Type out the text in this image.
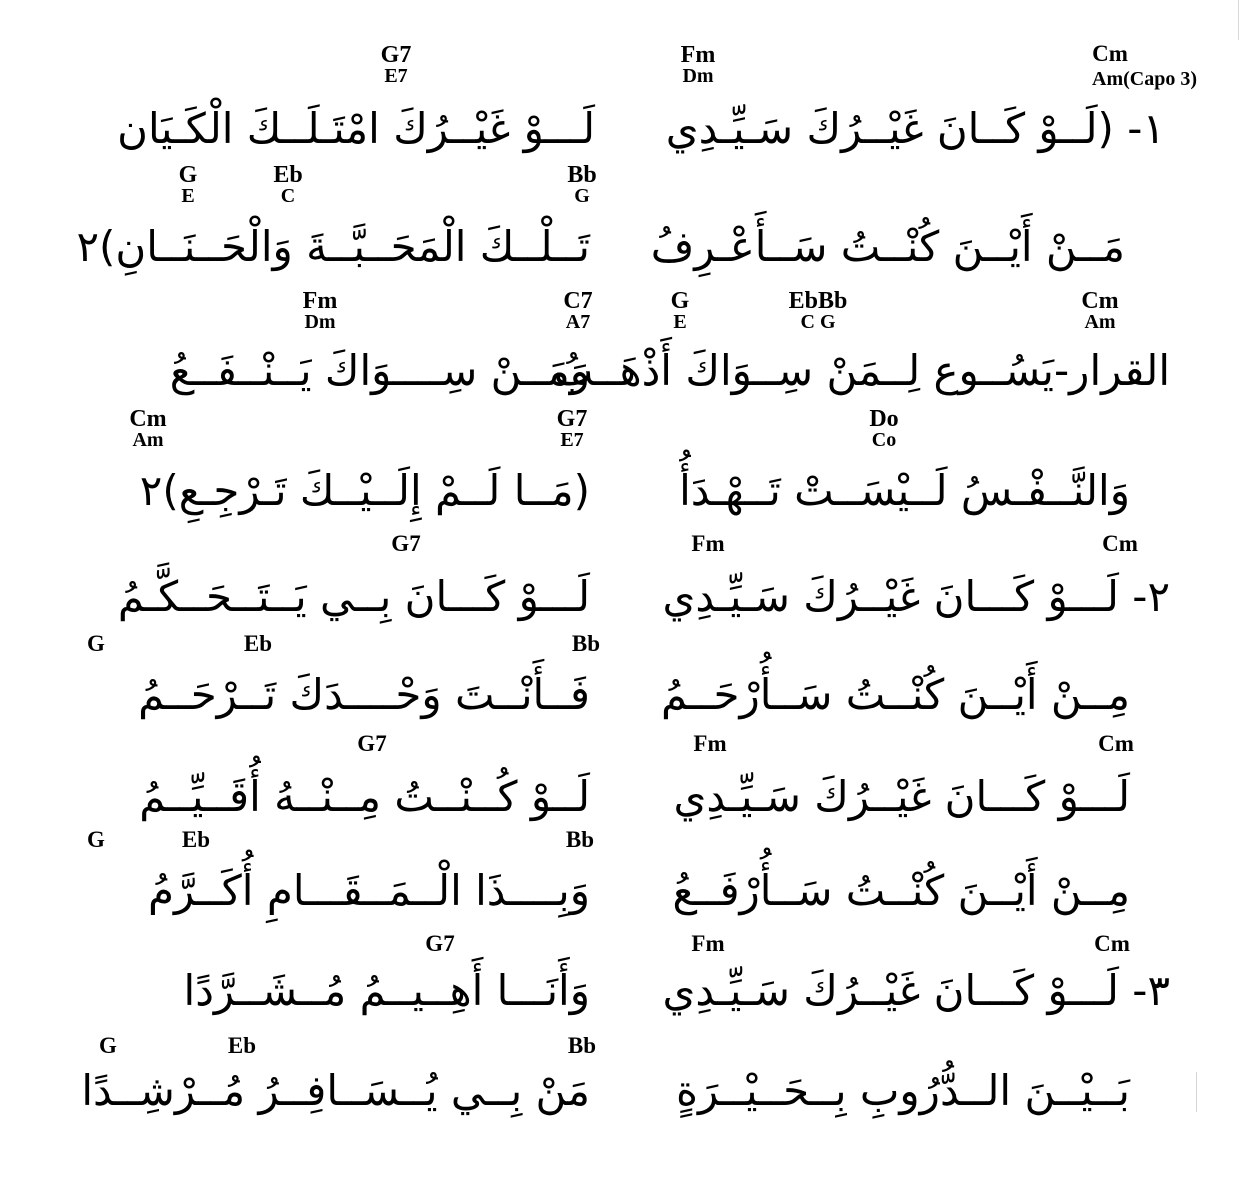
Am(Capo 3)
Cm
Fm
Dm
G7
E7
١- (لَــوْ كَــانَ غَيْــرُكَ سَـيِّـدِي
لَـــوْ غَيْــرُكَ امْتَـلَــكَ الْكَـيَان
Bb
G
Eb
C
G
E
مَــنْ أَيْــنَ كُنْــتُ سَــأَعْـرِفُ
تَــلْــكَ الْمَحَــبَّــةَ وَالْحَــنَــانِ)٢
Cm
Am
EbBb
C G
G
E
C7
A7
Fm
Dm
القرار-يَسُــوع لِــمَنْ سِــوَاكَ أَذْهَــبُ
وَمَــنْ سِــــوَاكَ يَــنْــفَــعُ
Do
Co
G7
E7
Cm
Am
وَالنَّــفْـسُ لَــيْسَــتْ تَــهْـدَأُ
(مَــا لَــمْ إِلَــيْــكَ تَـرْجِـعِ)٢
Cm
Fm
G7
٢- لَـــوْ كَـــانَ غَيْــرُكَ سَـيِّـدِي
لَـــوْ كَـــانَ بِــي يَــتَــحَــكَّـمُ
Bb
Eb
G
مِــنْ أَيْــنَ كُنْــتُ سَــأُرْحَــمُ
فَــأَنْــتَ وَحْــــدَكَ تَــرْحَــمُ
Cm
Fm
G7
لَـــوْ كَـــانَ غَيْــرُكَ سَـيِّـدِي
لَــوْ كُــنْــتُ مِــنْــهُ أُقَــيِّــمُ
Bb
Eb
G
مِــنْ أَيْــنَ كُنْــتُ سَــأُرْفَــعُ
وَبِــــذَا الْــمَــقَـــامِ أُكَــرَّمُ
Cm
Fm
G7
٣- لَـــوْ كَـــانَ غَيْــرُكَ سَـيِّـدِي
وَأَنَـــا أَهِــيــمُ مُــشَــرَّدًا
Bb
Eb
G
بَــيْــنَ الــدُّرُوبِ بِــحَــيْــرَةٍ
مَنْ بِــي يُــسَــافِــرُ مُــرْشِــدًا
